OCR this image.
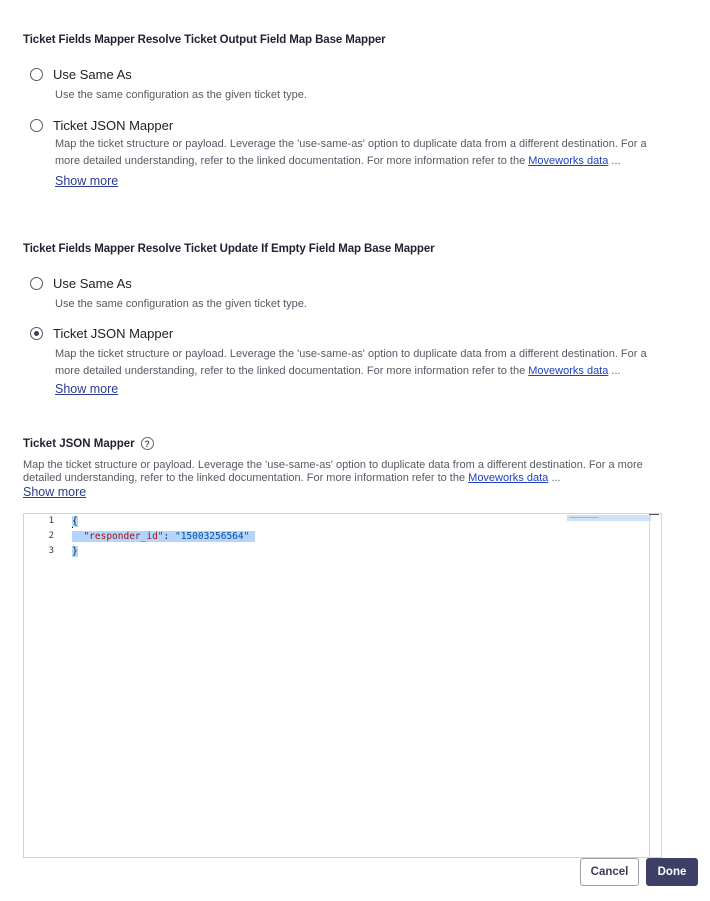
Ticket Fields Mapper Resolve Ticket Output Field Map Base Mapper
Use Same As
Use the same configuration as the given ticket type.
Ticket JSON Mapper
Map the ticket structure or payload. Leverage the 'use-same-as' option to duplicate data from a different destination. For a more detailed understanding, refer to the linked documentation. For more information refer to the Moveworks data ...
Show more
Ticket Fields Mapper Resolve Ticket Update If Empty Field Map Base Mapper
Use Same As
Use the same configuration as the given ticket type.
Ticket JSON Mapper
Map the ticket structure or payload. Leverage the 'use-same-as' option to duplicate data from a different destination. For a more detailed understanding, refer to the linked documentation. For more information refer to the Moveworks data ...
Show more
Ticket JSON Mapper	?
Map the ticket structure or payload. Leverage the 'use-same-as' option to duplicate data from a different destination. For a more detailed understanding, refer to the linked documentation. For more information refer to the Moveworks data ...
Show more
1
2
3
{
"responder_id": "15003256564"
}
Cancel	Done
